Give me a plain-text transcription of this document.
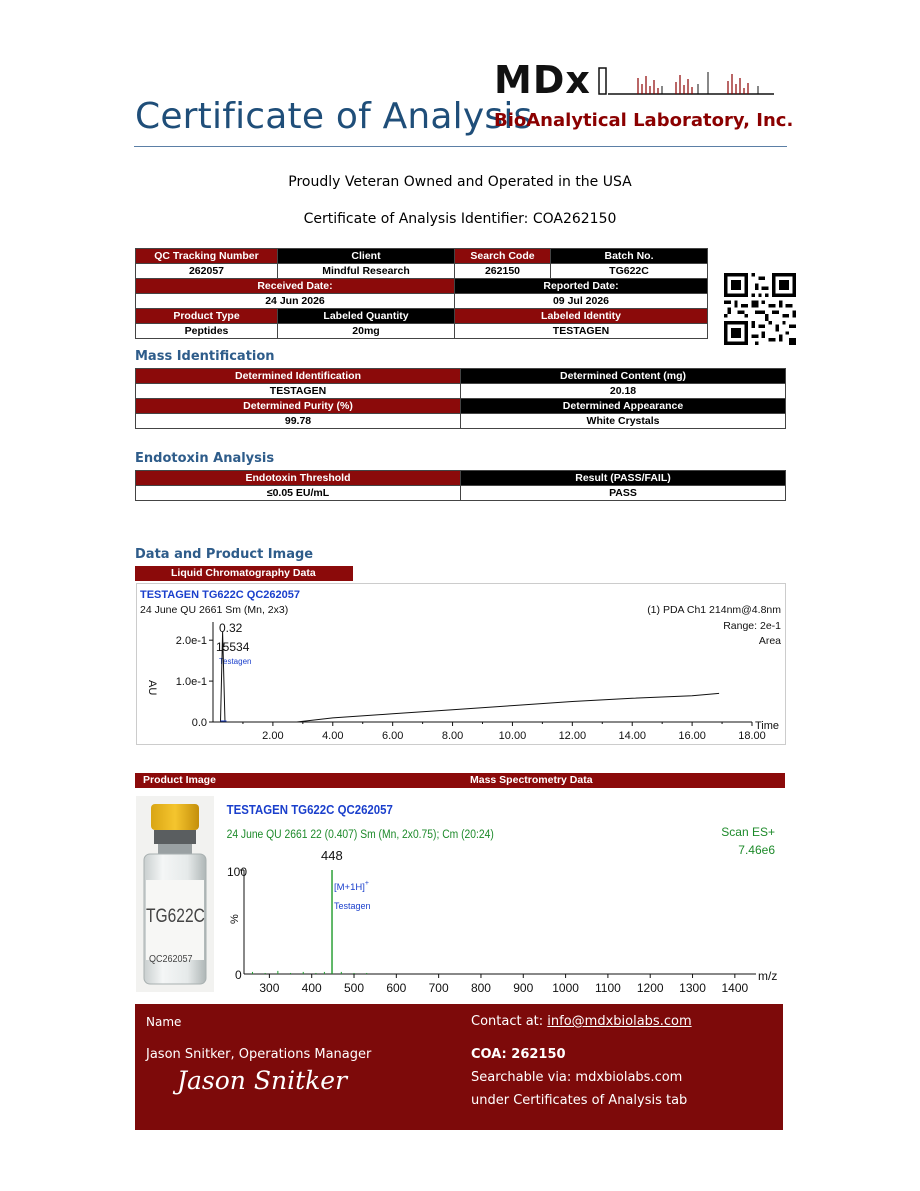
Certificate of Analysis
MDx
BioAnalytical Laboratory, Inc.
Proudly Veteran Owned and Operated in the USA
Certificate of Analysis Identifier: COA262150
QC Tracking Number	Client	Search Code	Batch No.
262057	Mindful Research	262150	TG622C
Received Date:		Reported Date:	
24 Jun 2026		09 Jul 2026	
Product Type	Labeled Quantity	Labeled Identity	
Peptides	20mg	TESTAGEN	
Mass Identification
Determined Identification	Determined Content (mg)
TESTAGEN	20.18
Determined Purity (%)	Determined Appearance
99.78	White Crystals
Endotoxin Analysis
Endotoxin Threshold	Result (PASS/FAIL)
≤0.05 EU/mL	PASS
Data and Product Image
Liquid Chromatography Data
TESTAGEN TG622C QC262057
24 June QU 2661 Sm (Mn, 2x3)	(1) PDA Ch1 214nm@4.8nm
Range: 2e-1
Area
0.32
15534
Testagen
AU
Time
2.00	4.00	6.00	8.00	10.00	12.00	14.00	16.00	18.00
2.0e-1
1.0e-1
0.0
Product Image	Mass Spectrometry Data
TG622C
QC262057
TESTAGEN TG622C QC262057
24 June QU 2661 22 (0.407) Sm (Mn, 2x0.75); Cm (20:24)	Scan ES+
7.46e6
448
[M+1H]+
Testagen
100
0
%
m/z
300 400 500 600 700 800 900 1000 1100 1200 1300 1400
Name
Jason Snitker, Operations Manager
Jason Snitker
Contact at: info@mdxbiolabs.com
COA: 262150
Searchable via: mdxbiolabs.com
under Certificates of Analysis tab
